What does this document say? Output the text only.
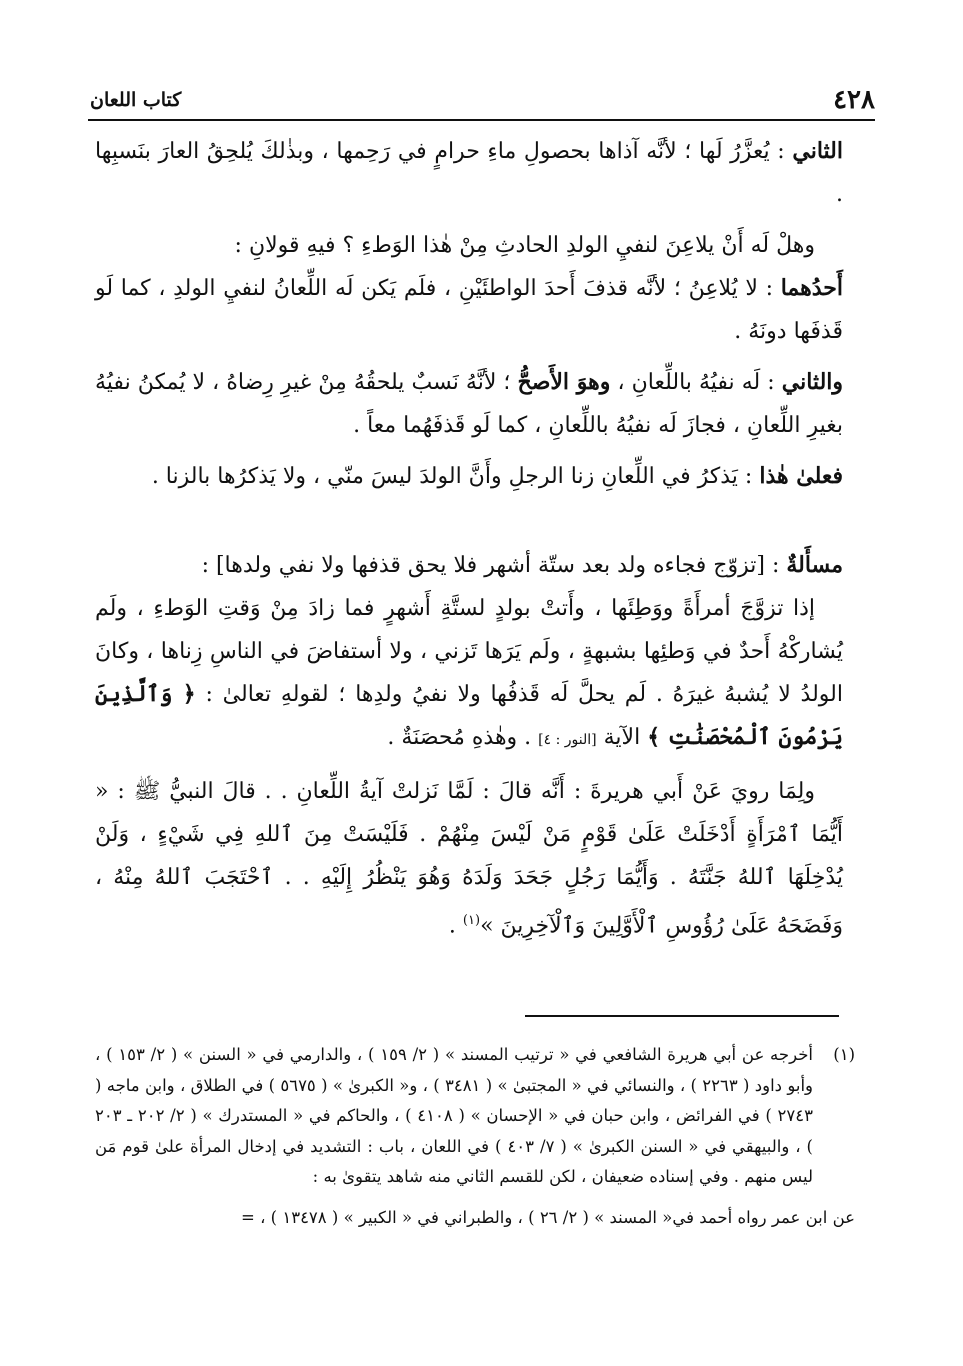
٤٢٨
كتاب اللعان

الثاني : يُعزَّرُ لَها ؛ لأنَّه آذاها بحصولِ ماءِ حرامٍ في رَحِمها ، وبذٰلكَ يُلحِقُ العارَ بنَسبِها .

وهلْ لَه أَنْ يلاعِنَ لنفيِ الولدِ الحادثِ مِنْ هٰذا الوَطءِ ؟ فيهِ قولانِ :

أَحدُهما : لا يُلاعِنُ ؛ لأنَّه قذفَ أَحدَ الواطئَيْنِ ، فلَم يَكن لَه اللِّعانُ لنفيِ الولدِ ، كما لَو قَذفَها دونَهُ .

والثاني : لَه نفيُهُ باللِّعانِ ، وهوَ الأَصحُّ ؛ لأنَّهُ نَسبٌ يلحقُهُ مِنْ غيرِ رِضاهُ ، لا يُمكنُ نفيُهُ بغيرِ اللِّعانِ ، فجازَ لَه نفيُهُ باللِّعانِ ، كما لَو قَذفَهُما معاً .

فعلىٰ هٰذا : يَذكرُ في اللِّعانِ زنا الرجلِ وأَنَّ الولدَ ليسَ منّي ، ولا يَذكرُها بالزنا .

مسأَلةٌ : [تزوّج فجاءه ولد بعد ستّة أشهر فلا يحق قذفها ولا نفي ولدها] :

إذا تزوَّجَ أمرأَةً ووَطِئَها ، وأَتتْ بولدٍ لستَّةِ أَشهرٍ فما زادَ مِنْ وَقتِ الوَطءِ ، ولَم يُشاركْهُ أَحدٌ في وَطئِها بشبهةٍ ، ولَم يَرَها تَزني ، ولا أستفاضَ في الناسِ زِناها ، وكانَ الولدُ لا يُشبهُ غيرَهُ . لَم يحلَّ لَه قَذفُها ولا نفيُ ولدِها ؛ لقولهِ تعالىٰ : ﴿ وَٱلَّذِينَ يَرْمُونَ ٱلْمُحْصَنَٰتِ ﴾ الآية [النور : ٤] . وهٰذهِ مُحصَنَةٌ .

ولِمَا رويَ عَنْ أَبي هريرةَ : أَنَّه قالَ : لَمَّا نَزلتْ آيةُ اللِّعانِ . . قالَ النبيُّ ﷺ : « أَيُّمَا ٱمْرَأَةٍ أَدْخَلَتْ عَلَىٰ قَوْمٍ مَنْ لَيْسَ مِنْهُمْ . فَلَيْسَتْ مِنَ ٱللهِ فِي شَيْءٍ ، وَلَنْ يُدْخِلَهَا ٱللهُ جَنَّتَهُ . وَأَيُّمَا رَجُلٍ جَحَدَ وَلَدَهُ وَهُوَ يَنْظُرُ إِلَيْهِ . . ٱحْتَجَبَ ٱللهُ مِنْهُ ، وَفَضَحَهُ عَلَىٰ رُؤُوسِ ٱلْأَوَّلِينَ وَٱلْآخِرِينَ »$^{(١)}$ .

(١)
أخرجه عن أبي هريرة الشافعي في « ترتيب المسند » ( ٢/ ١٥٩ ) ، والدارمي في « السنن » ( ٢/ ١٥٣ ) ، وأبو داود ( ٢٢٦٣ ) ، والنسائي في « المجتبىٰ » ( ٣٤٨١ ) ، و« الكبرىٰ » ( ٥٦٧٥ ) في الطلاق ، وابن ماجه ( ٢٧٤٣ ) في الفرائض ، وابن حبان في « الإحسان » ( ٤١٠٨ ) ، والحاكم في « المستدرك » ( ٢/ ٢٠٢ ـ ٢٠٣ ) ، والبيهقي في « السنن الكبرىٰ » ( ٧/ ٤٠٣ ) في اللعان ، باب : التشديد في إدخال المرأة علىٰ قوم مَن ليس منهم . وفي إسناده ضعيفان ، لكن للقسم الثاني منه شاهد يتقوىٰ به :
عن ابن عمر رواه أحمد في« المسند » ( ٢/ ٢٦ ) ، والطبراني في « الكبير » ( ١٣٤٧٨ ) ، =
